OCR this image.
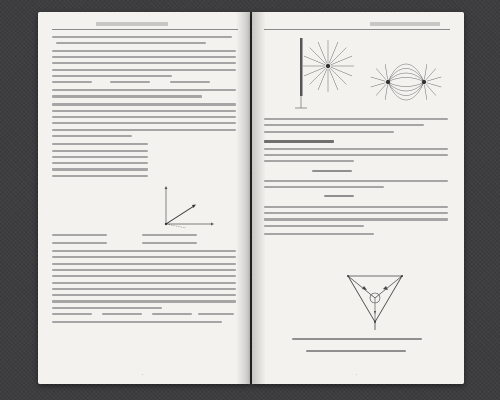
·	·
